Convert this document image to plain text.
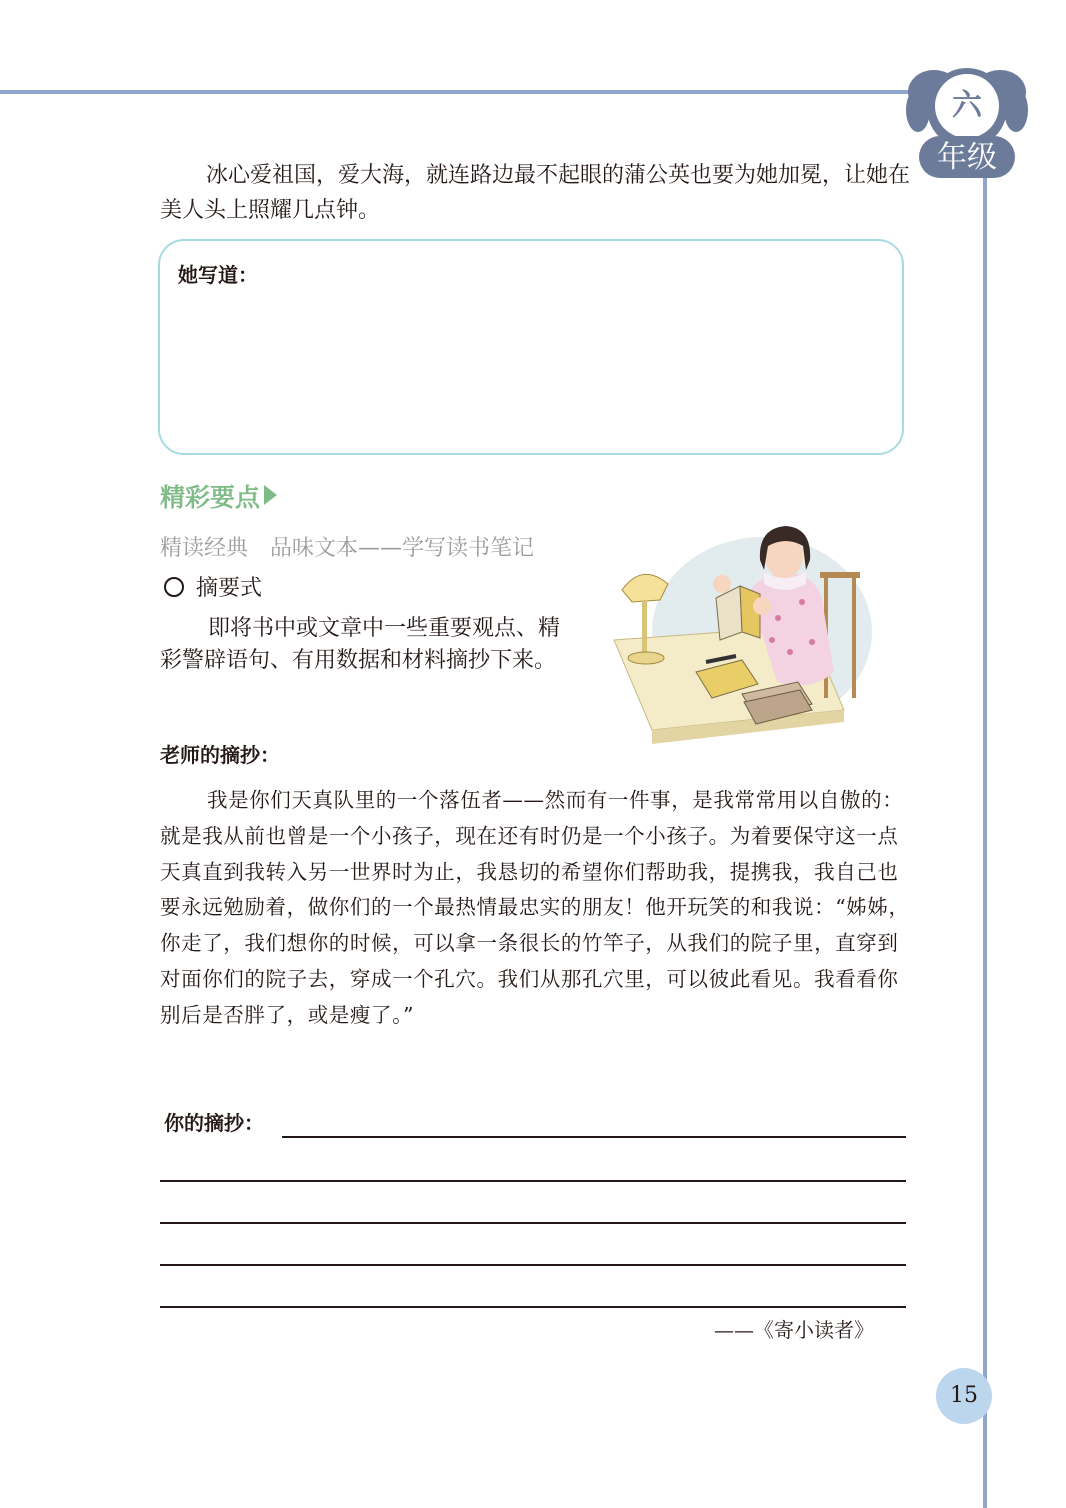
六
年级

冰心爱祖国，爱大海，就连路边最不起眼的蒲公英也要为她加冕，让她在美人头上照耀几点钟。

她写道：
精彩要点
精读经典　品味文本——学写读书笔记
摘要式

即将书中或文章中一些重要观点、精彩警辟语句、有用数据和材料摘抄下来。

老师的摘抄：

我是你们天真队里的一个落伍者——然而有一件事，是我常常用以自傲的：就是我从前也曾是一个小孩子，现在还有时仍是一个小孩子。为着要保守这一点天真直到我转入另一世界时为止，我恳切的希望你们帮助我，提携我，我自己也要永远勉励着，做你们的一个最热情最忠实的朋友！他开玩笑的和我说：“姊姊，你走了，我们想你的时候，可以拿一条很长的竹竿子，从我们的院子里，直穿到对面你们的院子去，穿成一个孔穴。我们从那孔穴里，可以彼此看见。我看看你别后是否胖了，或是瘦了。”

你的摘抄：
——《寄小读者》
15
